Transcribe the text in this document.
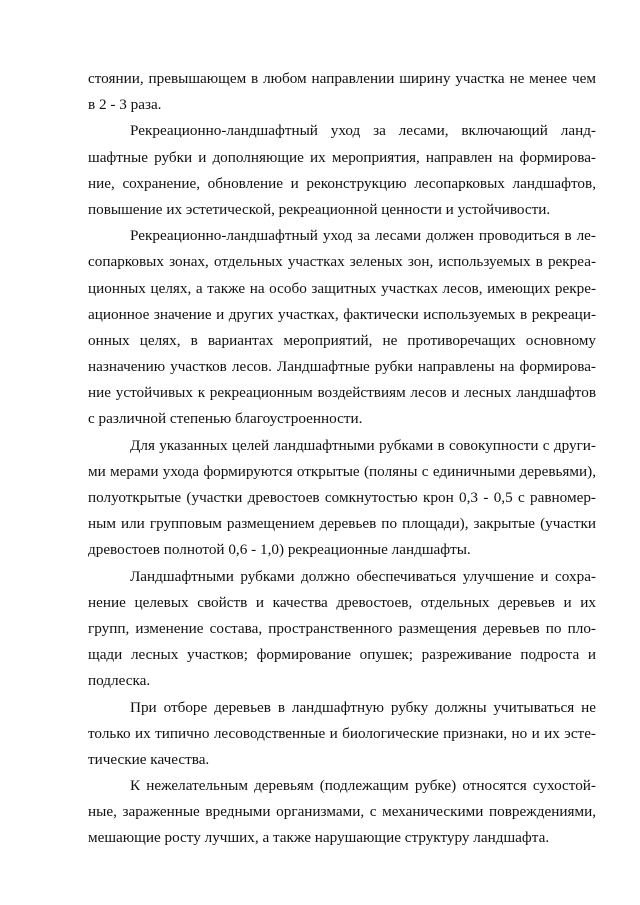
стоянии, превышающем в любом направлении ширину участка не менее чем
в 2 - 3 раза.
Рекреационно-ландшафтный уход за лесами, включающий ланд-
шафтные рубки и дополняющие их мероприятия, направлен на формирова-
ние, сохранение, обновление и реконструкцию лесопарковых ландшафтов,
повышение их эстетической, рекреационной ценности и устойчивости.
Рекреационно-ландшафтный уход за лесами должен проводиться в ле-
сопарковых зонах, отдельных участках зеленых зон, используемых в рекреа-
ционных целях, а также на особо защитных участках лесов, имеющих рекре-
ационное значение и других участках, фактически используемых в рекреаци-
онных целях, в вариантах мероприятий, не противоречащих основному
назначению участков лесов. Ландшафтные рубки направлены на формирова-
ние устойчивых к рекреационным воздействиям лесов и лесных ландшафтов
с различной степенью благоустроенности.
Для указанных целей ландшафтными рубками в совокупности с други-
ми мерами ухода формируются открытые (поляны с единичными деревьями),
полуоткрытые (участки древостоев сомкнутостью крон 0,3 - 0,5 с равномер-
ным или групповым размещением деревьев по площади), закрытые (участки
древостоев полнотой 0,6 - 1,0) рекреационные ландшафты.
Ландшафтными рубками должно обеспечиваться улучшение и сохра-
нение целевых свойств и качества древостоев, отдельных деревьев и их
групп, изменение состава, пространственного размещения деревьев по пло-
щади лесных участков; формирование опушек; разреживание подроста и
подлеска.
При отборе деревьев в ландшафтную рубку должны учитываться не
только их типично лесоводственные и биологические признаки, но и их эсте-
тические качества.
К нежелательным деревьям (подлежащим рубке) относятся сухостой-
ные, зараженные вредными организмами, с механическими повреждениями,
мешающие росту лучших, а также нарушающие структуру ландшафта.
